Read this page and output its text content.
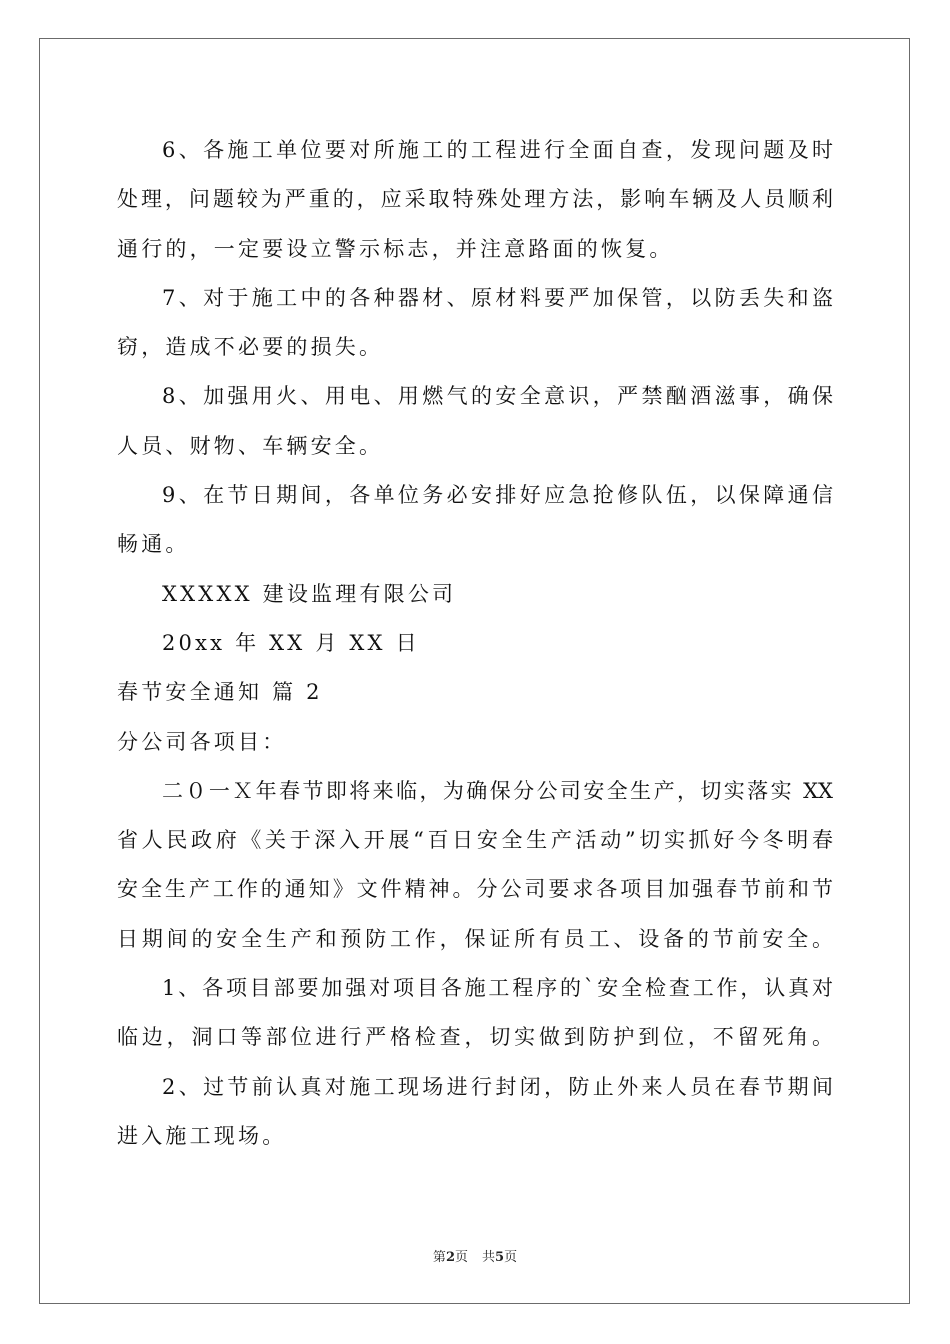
6、各施工单位要对所施工的工程进行全面自查，发现问题及时
处理，问题较为严重的，应采取特殊处理方法，影响车辆及人员顺利
通行的，一定要设立警示标志，并注意路面的恢复。
7、对于施工中的各种器材、原材料要严加保管，以防丢失和盗
窃，造成不必要的损失。
8、加强用火、用电、用燃气的安全意识，严禁酗酒滋事，确保
人员、财物、车辆安全。
9、在节日期间，各单位务必安排好应急抢修队伍，以保障通信
畅通。
XXXXX 建设监理有限公司
20xx 年 XX 月 XX 日
春节安全通知 篇 2
分公司各项目：
二０一Ｘ年春节即将来临，为确保分公司安全生产，切实落实 XX
省人民政府《关于深入开展“百日安全生产活动”切实抓好今冬明春
安全生产工作的通知》文件精神。分公司要求各项目加强春节前和节
日期间的安全生产和预防工作，保证所有员工、设备的节前安全。
1、各项目部要加强对项目各施工程序的`安全检查工作，认真对
临边，洞口等部位进行严格检查，切实做到防护到位，不留死角。
2、过节前认真对施工现场进行封闭，防止外来人员在春节期间
进入施工现场。
第2页 共5页
